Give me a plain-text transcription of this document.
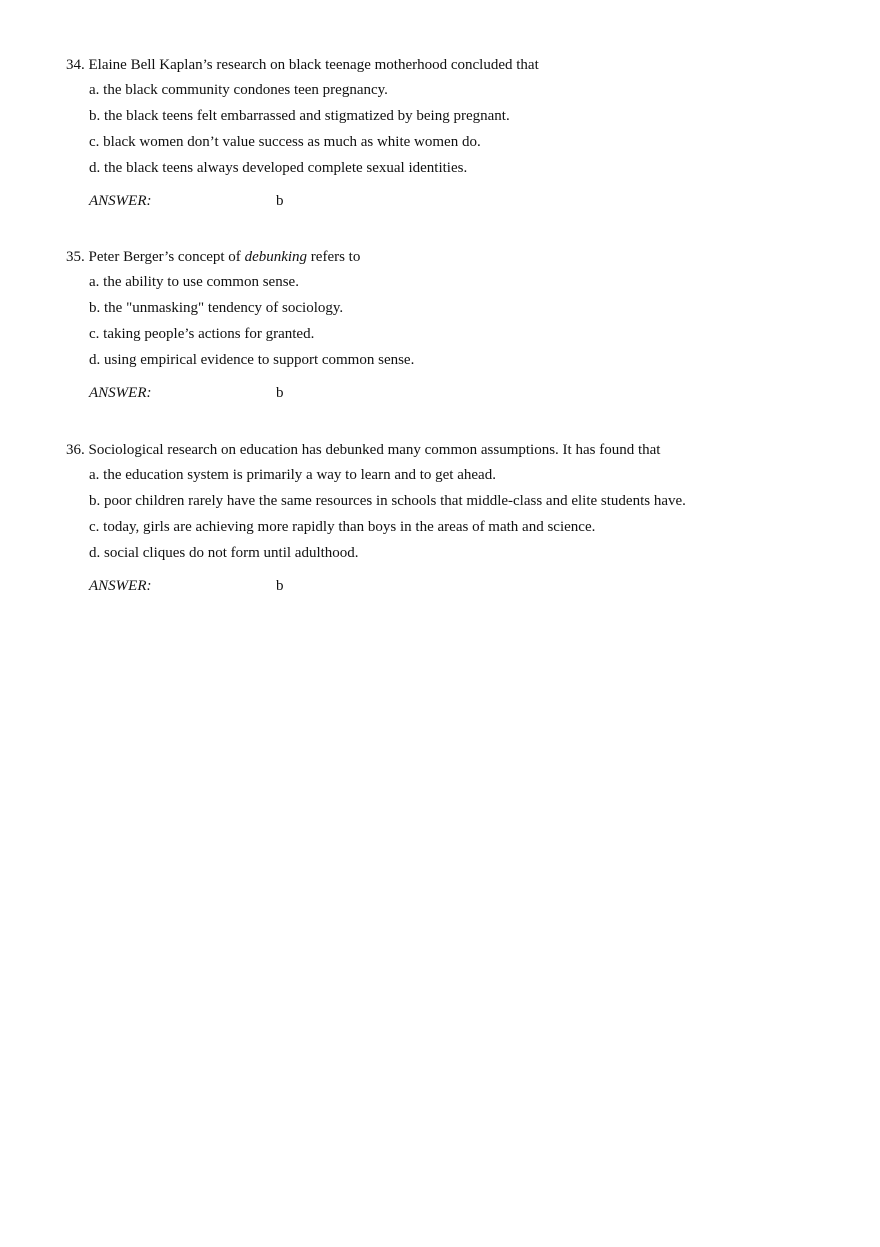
34. Elaine Bell Kaplan’s research on black teenage motherhood concluded that
a. the black community condones teen pregnancy.
b. the black teens felt embarrassed and stigmatized by being pregnant.
c. black women don’t value success as much as white women do.
d. the black teens always developed complete sexual identities.
ANSWER:	b
35. Peter Berger’s concept of debunking refers to
a. the ability to use common sense.
b. the "unmasking" tendency of sociology.
c. taking people’s actions for granted.
d. using empirical evidence to support common sense.
ANSWER:	b
36. Sociological research on education has debunked many common assumptions. It has found that
a. the education system is primarily a way to learn and to get ahead.
b. poor children rarely have the same resources in schools that middle-class and elite students have.
c. today, girls are achieving more rapidly than boys in the areas of math and science.
d. social cliques do not form until adulthood.
ANSWER:	b
